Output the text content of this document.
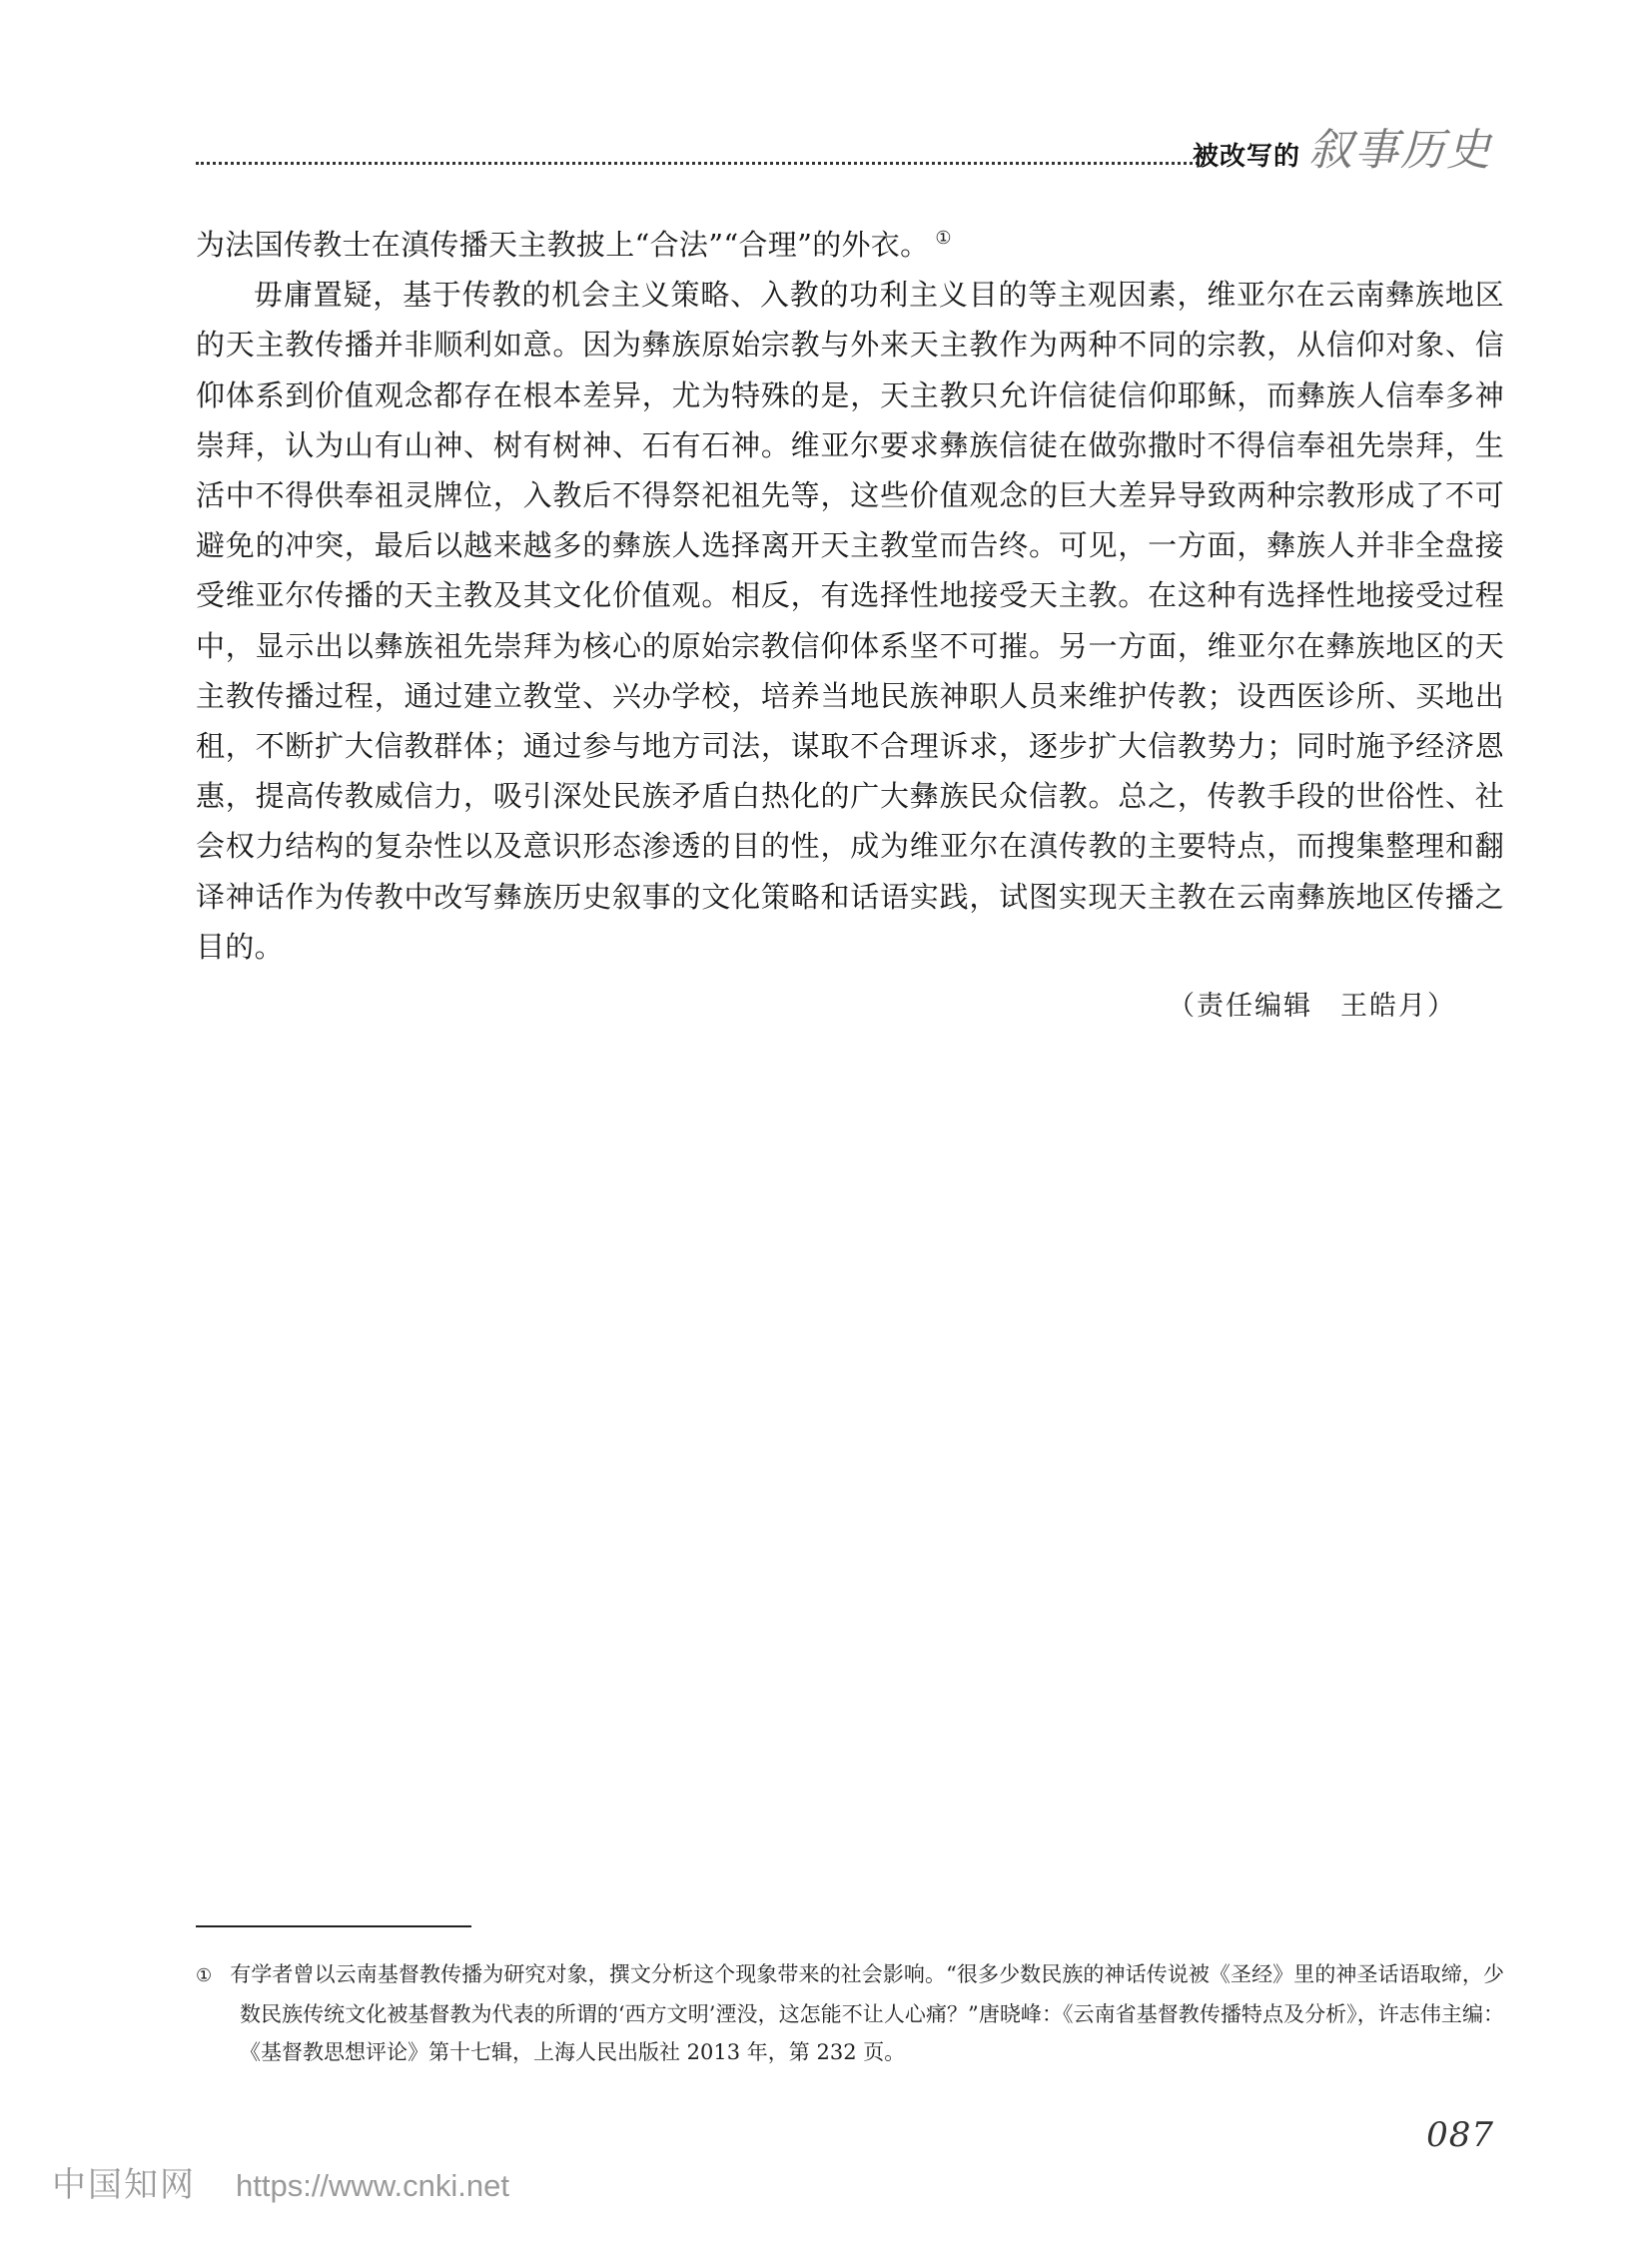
被改写的 叙事历史

为法国传教士在滇传播天主教披上“合法”“合理”的外衣。 ①

毋庸置疑，基于传教的机会主义策略、入教的功利主义目的等主观因素，维亚尔在云南彝族地区的天主教传播并非顺利如意。因为彝族原始宗教与外来天主教作为两种不同的宗教，从信仰对象、信仰体系到价值观念都存在根本差异，尤为特殊的是，天主教只允许信徒信仰耶稣，而彝族人信奉多神崇拜，认为山有山神、树有树神、石有石神。维亚尔要求彝族信徒在做弥撒时不得信奉祖先崇拜，生活中不得供奉祖灵牌位，入教后不得祭祀祖先等，这些价值观念的巨大差异导致两种宗教形成了不可避免的冲突，最后以越来越多的彝族人选择离开天主教堂而告终。可见，一方面，彝族人并非全盘接受维亚尔传播的天主教及其文化价值观。相反，有选择性地接受天主教。在这种有选择性地接受过程中，显示出以彝族祖先崇拜为核心的原始宗教信仰体系坚不可摧。另一方面，维亚尔在彝族地区的天主教传播过程，通过建立教堂、兴办学校，培养当地民族神职人员来维护传教；设西医诊所、买地出租，不断扩大信教群体；通过参与地方司法，谋取不合理诉求，逐步扩大信教势力；同时施予经济恩惠，提高传教威信力，吸引深处民族矛盾白热化的广大彝族民众信教。总之，传教手段的世俗性、社会权力结构的复杂性以及意识形态渗透的目的性，成为维亚尔在滇传教的主要特点，而搜集整理和翻译神话作为传教中改写彝族历史叙事的文化策略和话语实践，试图实现天主教在云南彝族地区传播之目的。

（责任编辑 王皓月）
① 有学者曾以云南基督教传播为研究对象，撰文分析这个现象带来的社会影响。“很多少数民族的神话传说被《圣经》里的神圣话语取缔，少数民族传统文化被基督教为代表的所谓的‘西方文明’湮没，这怎能不让人心痛？”唐晓峰：《云南省基督教传播特点及分析》，许志伟主编：《基督教思想评论》第十七辑，上海人民出版社 2013 年，第 232 页。
087
中国知网 https://www.cnki.net
